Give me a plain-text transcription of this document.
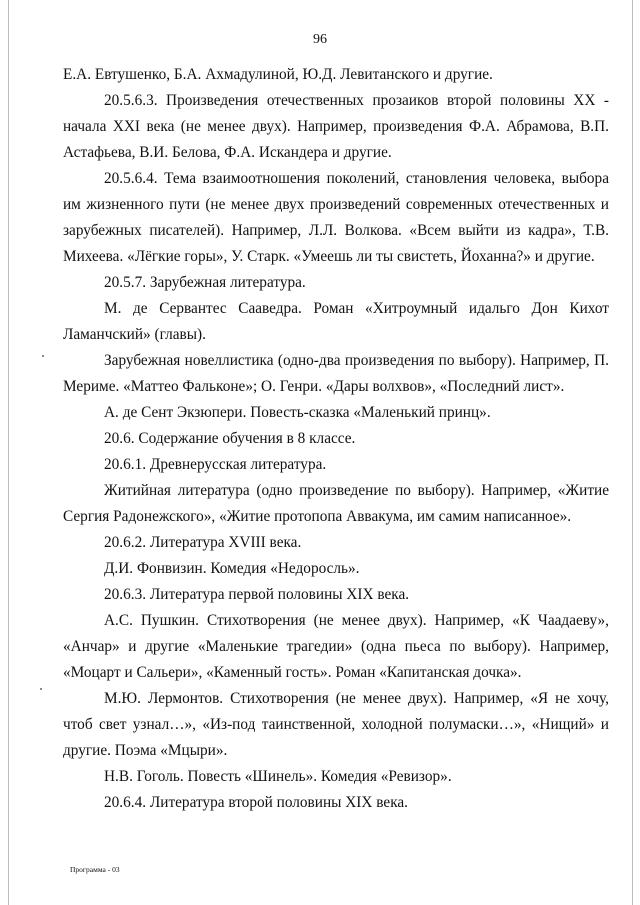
96

Е.А. Евтушенко, Б.А. Ахмадулиной, Ю.Д. Левитанского и другие.

20.5.6.3. Произведения отечественных прозаиков второй половины XX - начала XXI века (не менее двух). Например, произведения Ф.А. Абрамова, В.П. Астафьева, В.И. Белова, Ф.А. Искандера и другие.

20.5.6.4. Тема взаимоотношения поколений, становления человека, выбора им жизненного пути (не менее двух произведений современных отечественных и зарубежных писателей). Например, Л.Л. Волкова. «Всем выйти из кадра», Т.В. Михеева. «Лёгкие горы», У. Старк. «Умеешь ли ты свистеть, Йоханна?» и другие.

20.5.7. Зарубежная литература.

М. де Сервантес Сааведра. Роман «Хитроумный идальго Дон Кихот Ламанчский» (главы).

Зарубежная новеллистика (одно-два произведения по выбору). Например, П. Мериме. «Маттео Фальконе»; О. Генри. «Дары волхвов», «Последний лист».

А. де Сент Экзюпери. Повесть-сказка «Маленький принц».

20.6. Содержание обучения в 8 классе.

20.6.1. Древнерусская литература.

Житийная литература (одно произведение по выбору). Например, «Житие Сергия Радонежского», «Житие протопопа Аввакума, им самим написанное».

20.6.2. Литература XVIII века.

Д.И. Фонвизин. Комедия «Недоросль».

20.6.3. Литература первой половины XIX века.

А.С. Пушкин. Стихотворения (не менее двух). Например, «К Чаадаеву», «Анчар» и другие «Маленькие трагедии» (одна пьеса по выбору). Например, «Моцарт и Сальери», «Каменный гость». Роман «Капитанская дочка».

М.Ю. Лермонтов. Стихотворения (не менее двух). Например, «Я не хочу, чтоб свет узнал…», «Из-под таинственной, холодной полумаски…», «Нищий» и другие. Поэма «Мцыри».

Н.В. Гоголь. Повесть «Шинель». Комедия «Ревизор».

20.6.4. Литература второй половины XIX века.

Программа - 03
